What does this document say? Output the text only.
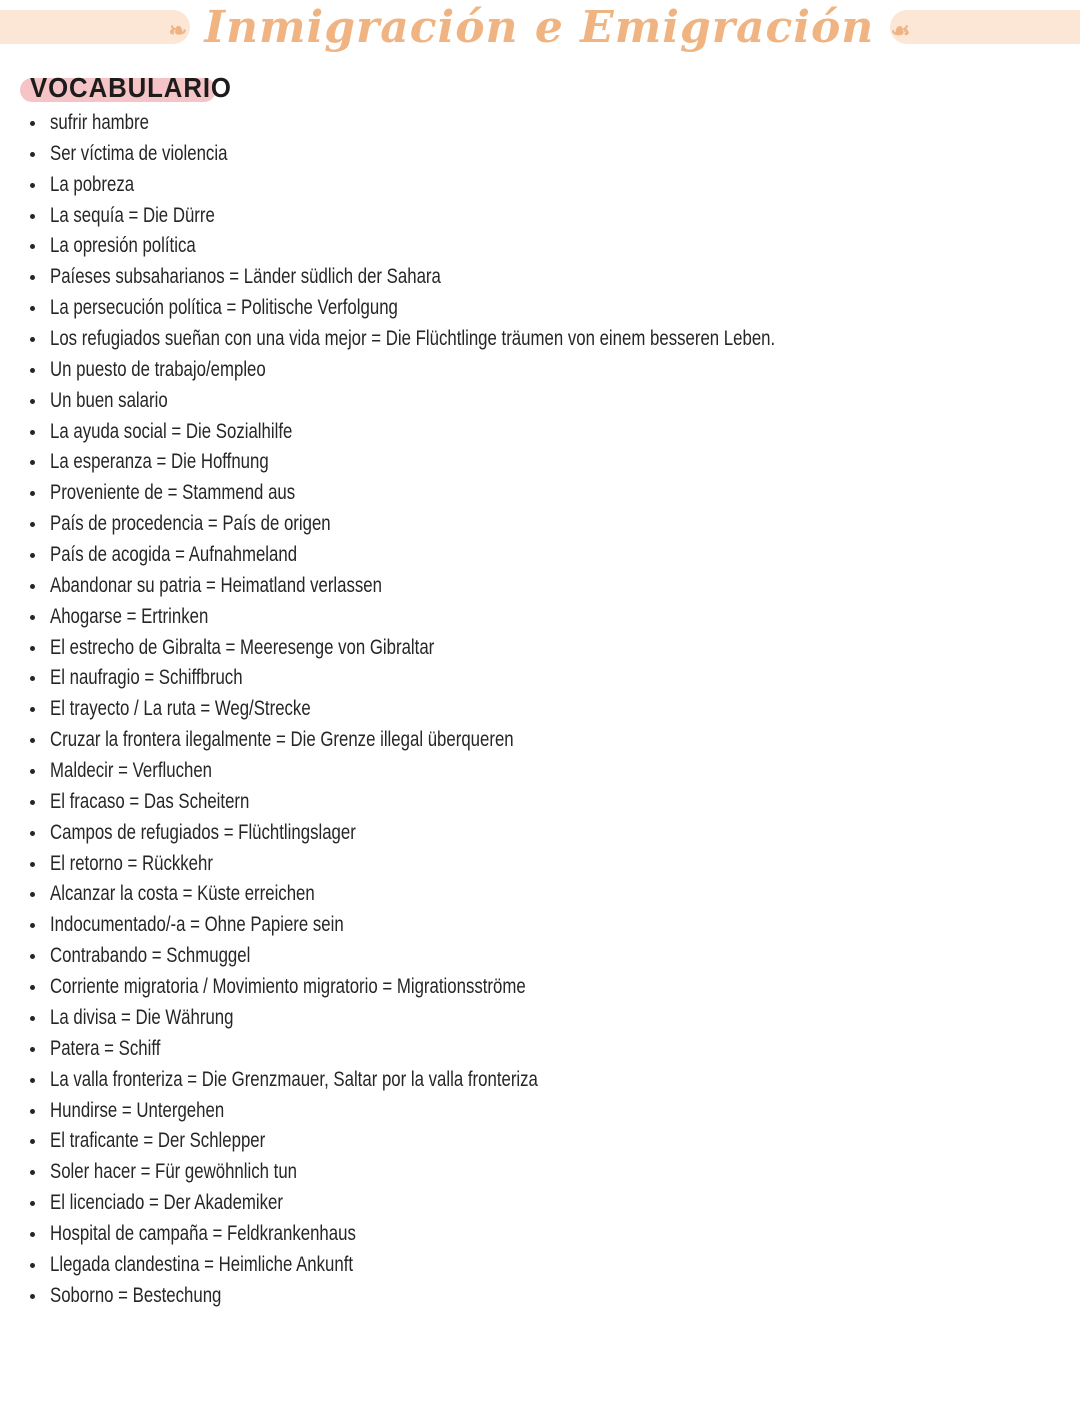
❧ Inmigración e Emigración ☙
VOCABULARIO
sufrir hambre
Ser víctima de violencia
La pobreza
La sequía = Die Dürre
La opresión política
Paíeses subsaharianos = Länder südlich der Sahara
La persecución política = Politische Verfolgung
Los refugiados sueñan con una vida mejor = Die Flüchtlinge träumen von einem besseren Leben.
Un puesto de trabajo/empleo
Un buen salario
La ayuda social = Die Sozialhilfe
La esperanza = Die Hoffnung
Proveniente de = Stammend aus
País de procedencia = País de origen
País de acogida = Aufnahmeland
Abandonar su patria = Heimatland verlassen
Ahogarse = Ertrinken
El estrecho de Gibralta = Meeresenge von Gibraltar
El naufragio = Schiffbruch
El trayecto / La ruta = Weg/Strecke
Cruzar la frontera ilegalmente = Die Grenze illegal überqueren
Maldecir = Verfluchen
El fracaso = Das Scheitern
Campos de refugiados = Flüchtlingslager
El retorno = Rückkehr
Alcanzar la costa = Küste erreichen
Indocumentado/-a = Ohne Papiere sein
Contrabando = Schmuggel
Corriente migratoria / Movimiento migratorio = Migrationsströme
La divisa = Die Währung
Patera = Schiff
La valla fronteriza = Die Grenzmauer, Saltar por la valla fronteriza
Hundirse = Untergehen
El traficante = Der Schlepper
Soler hacer = Für gewöhnlich tun
El licenciado = Der Akademiker
Hospital de campaña = Feldkrankenhaus
Llegada clandestina = Heimliche Ankunft
Soborno = Bestechung
